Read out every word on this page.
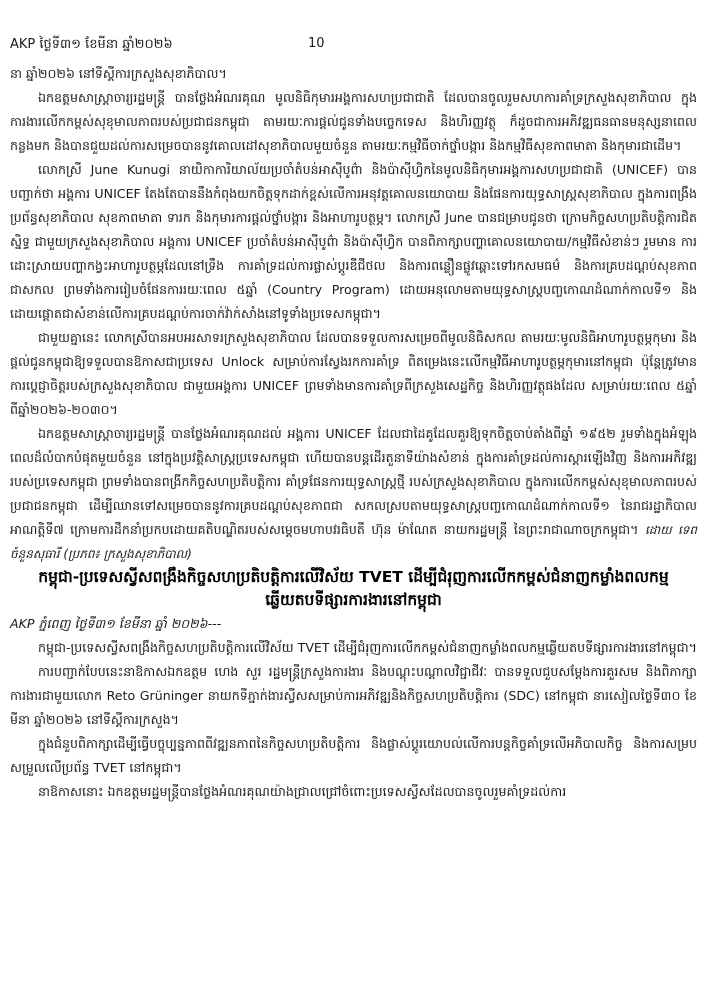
AKP ថ្ងៃទី៣១ ខែមីនា ឆ្នាំ២០២៦	10

នា ឆ្នាំ២០២៦ នៅទីស្តីការក្រសួងសុខាភិបាល។

ឯកឧត្តមសាស្ត្រាចារ្យរដ្ឋមន្ត្រី បានថ្លែងអំណរគុណ មូលនិធិកុមារអង្គការសហប្រជាជាតិ ដែលបានចូលរួមសហការគាំទ្រក្រសួងសុខាភិបាល ក្នុងការងារលើកកម្ពស់សុខុមាលភាពរបស់ប្រជាជនកម្ពុជា តាមរយៈការផ្តល់ជូនទាំងបច្ចេកទេស និងហិរញ្ញវត្ថុ ក៏ដូចជាការអភិវឌ្ឍធនធានមនុស្សនាពេលកន្លងមក និងបានជួយដល់ការសម្រេចបាននូវគោលដៅសុខាភិបាលមួយចំនួន តាមរយៈកម្មវិធីចាក់ថ្នាំបង្ការ និងកម្មវិធីសុខភាពមាតា និងកុមារជាដើម។

លោកស្រី June Kunugi នាយិកាការិយាល័យប្រចាំតំបន់អាស៊ីបូព៌ា និងប៉ាស៊ីហ្វិកនៃមូលនិធិកុមារអង្គការសហប្រជាជាតិ (UNICEF) បានបញ្ជាក់ថា អង្គការ UNICEF តែងតែបាននឹងកំពុងយកចិត្តទុកដាក់ខ្ពស់លើការអនុវត្តគោលនយោបាយ និងផែនការយុទ្ធសាស្ត្រសុខាភិបាល ក្នុងការពង្រឹងប្រព័ន្ធសុខាភិបាល សុខភាពមាតា ទារក និងកុមារការផ្តល់ថ្នាំបង្ការ និងអាហារូបត្ថម្ភ។ លោកស្រី June បានជម្រាបជូនថា ក្រោមកិច្ចសហប្រតិបត្តិការជិតស្និទ្ធ ជាមួយក្រសួងសុខាភិបាល អង្គការ UNICEF ប្រចាំតំបន់អាស៊ីបូព៌ា និងប៉ាស៊ីហ្វិក បានពិភាក្សាបញ្ហាគោលនយោបាយ/កម្មវិធីសំខាន់ៗ រួមមាន ការដោះស្រាយបញ្ហាកង្វះអាហារូបត្ថម្ភដែលនៅទ្រឹង ការគាំទ្រដល់ការផ្លាស់ប្តូរឌីជីថល និងការពន្លឿនផ្លូវឆ្ពោះទៅរកសមធម៌ និងការគ្របដណ្តប់សុខភាពជាសកល ព្រមទាំងការរៀបចំផែនការរយៈពេល ៥ឆ្នាំ (Country Program) ដោយអនុលោមតាមយុទ្ធសាស្ត្របញ្ចកោណដំណាក់កាលទី១ និងដោយផ្តោតជាសំខាន់លើការគ្របដណ្តប់ការចាក់វ៉ាក់សាំងនៅទូទាំងប្រទេសកម្ពុជា។

ជាមួយគ្នានេះ លោកស្រីបានអបអរសាទរក្រសួងសុខាភិបាល ដែលបានទទួលការសម្រេចពីមូលនិធិសកល តាមរយៈមូលនិធិអាហារូបត្ថម្ភកុមារ និងផ្តល់ជូនកម្ពុជាឱ្យទទួលបានឱកាសជាប្រទេស Unlock សម្រាប់ការស្វែងរកការគាំទ្រ ពិតម្រេងនេះលើកម្មវិធីអាហារូបត្ថម្ភកុមារនៅកម្ពុជា ប៉ុន្តែត្រូវមានការប្តេជ្ញាចិត្តរបស់ក្រសួងសុខាភិបាល ជាមួយអង្គការ UNICEF ព្រមទាំងមានការគាំទ្រពីក្រសួងសេដ្ឋកិច្ច និងហិរញ្ញវត្ថុផងដែល សម្រាប់រយៈពេល ៥ឆ្នាំ ពីឆ្នាំ២០២៦-២០៣០។

ឯកឧត្តមសាស្ត្រាចារ្យរដ្ឋមន្ត្រី បានថ្លែងអំណរគុណដល់ អង្គការ UNICEF ដែលជាដៃគូដែលគួរឱ្យទុកចិត្តចាប់តាំងពីឆ្នាំ ១៩៥២ រួមទាំងក្នុងអំឡុងពេលដ៏លំបាកបំផុតមួយចំនួន នៅក្នុងប្រវត្តិសាស្ត្រប្រទេសកម្ពុជា ហើយបានបន្តដើរតួនាទីយ៉ាងសំខាន់ ក្នុងការគាំទ្រដល់ការស្តារឡើងវិញ និងការអភិវឌ្ឍរបស់ប្រទេសកម្ពុជា ព្រមទាំងបានពង្រីកកិច្ចសហប្រតិបត្តិការ គាំទ្រផែនការយុទ្ធសាស្ត្រថ្មី របស់ក្រសួងសុខាភិបាល ក្នុងការលើកកម្ពស់សុខុមាលភាពរបស់ប្រជាជនកម្ពុជា ដើម្បីឈានទៅសម្រេចបាននូវការគ្របដណ្តប់សុខភាពជា សកលស្របតាមយុទ្ធសាស្ត្របញ្ចកោណដំណាក់កាលទី១ នៃរាជរដ្ឋាភិបាលអាណត្តិទី៧ ក្រោមការដឹកនាំប្រកបដោយគតិបណ្ឌិតរបស់សម្តេចមហាបវរធិបតី ហ៊ុន ម៉ាណែត នាយករដ្ឋមន្ត្រី នៃព្រះរាជាណាចក្រកម្ពុជា។ ដោយ ទេព ចំនួនសុធារី (ប្រភព៖ ក្រសួងសុខាភិបាល)

កម្ពុជា-ប្រទេសស្វីសពង្រឹងកិច្ចសហប្រតិបត្តិការលើវិស័យ TVET ដើម្បីជំរុញការលើកកម្ពស់ជំនាញកម្លាំងពលកម្មឆ្លើយតបទីផ្សារការងារនៅកម្ពុជា

AKP ភ្នំពេញ ថ្ងៃទី៣១ ខែមីនា ឆ្នាំ ២០២៦---

កម្ពុជា-ប្រទេសស្វីសពង្រឹងកិច្ចសហប្រតិបត្តិការលើវិស័យ TVET ដើម្បីជំរុញការលើកកម្ពស់ជំនាញកម្លាំងពលកម្មឆ្លើយតបទីផ្សារការងារនៅកម្ពុជា។

ការបញ្ជាក់បែបនេះនាឱកាសឯកឧត្តម ហេង សួរ រដ្ឋមន្ត្រីក្រសួងការងារ និងបណ្តុះបណ្តាលវិជ្ជាជីវៈ បានទទួលជួបសម្តែងការគួរសម និងពិភាក្សាការងារជាមួយលោក Reto Grüninger នាយកទីភ្នាក់ងារស្វីសសម្រាប់ការអភិវឌ្ឍនិងកិច្ចសហប្រតិបត្តិការ (SDC) នៅកម្ពុជា នារសៀលថ្ងៃទី៣០ ខែមីនា ឆ្នាំ២០២៦ នៅទីស្តីការក្រសួង។

ក្នុងជំនួបពិភាក្សាដើម្បីធ្វើបច្ចុប្បន្នភាពពីវឌ្ឍនភាពនៃកិច្ចសហប្រតិបត្តិការ និងផ្លាស់ប្តូរយោបល់លើការបន្តកិច្ចគាំទ្រលើអភិបាលកិច្ច និងការសម្របសម្រួលលើប្រព័ន្ធ TVET នៅកម្ពុជា។

នាឱកាសនោះ ឯកឧត្តមរដ្ឋមន្ត្រីបានថ្លែងអំណរគុណយ៉ាងជ្រាលជ្រៅចំពោះប្រទេសស្វីសដែលបានចូលរួមគាំទ្រដល់ការ
